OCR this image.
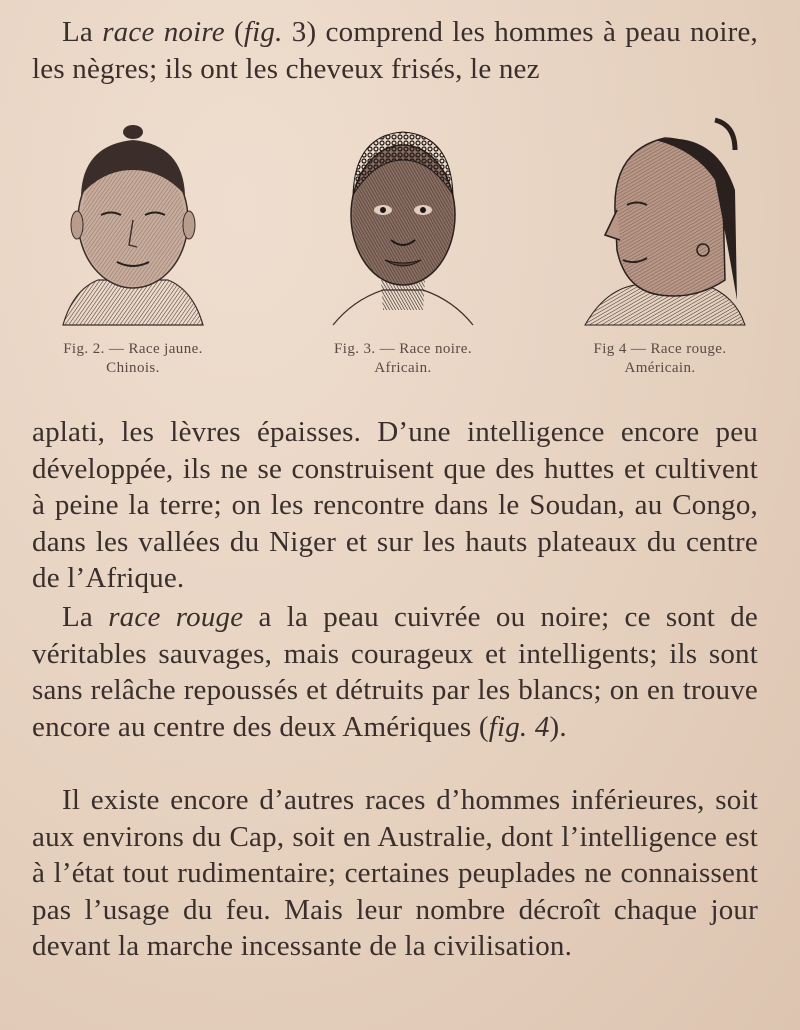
La race noire (fig. 3) comprend les hommes à peau noire, les nègres; ils ont les cheveux frisés, le nez

Fig. 2. — Race jaune.
Chinois.
Fig. 3. — Race noire.
Africain.
Fig 4 — Race rouge.
Américain.

aplati, les lèvres épaisses. D’une intelligence encore peu développée, ils ne se construisent que des huttes et cultivent à peine la terre; on les rencontre dans le Soudan, au Congo, dans les vallées du Niger et sur les hauts plateaux du centre de l’Afrique.

La race rouge a la peau cuivrée ou noire; ce sont de véritables sauvages, mais courageux et intelligents; ils sont sans relâche repoussés et détruits par les blancs; on en trouve encore au centre des deux Amériques (fig. 4).

Il existe encore d’autres races d’hommes inférieures, soit aux environs du Cap, soit en Australie, dont l’intelligence est à l’état tout rudimentaire; certaines peuplades ne connaissent pas l’usage du feu. Mais leur nombre décroît chaque jour devant la marche incessante de la civilisation.
